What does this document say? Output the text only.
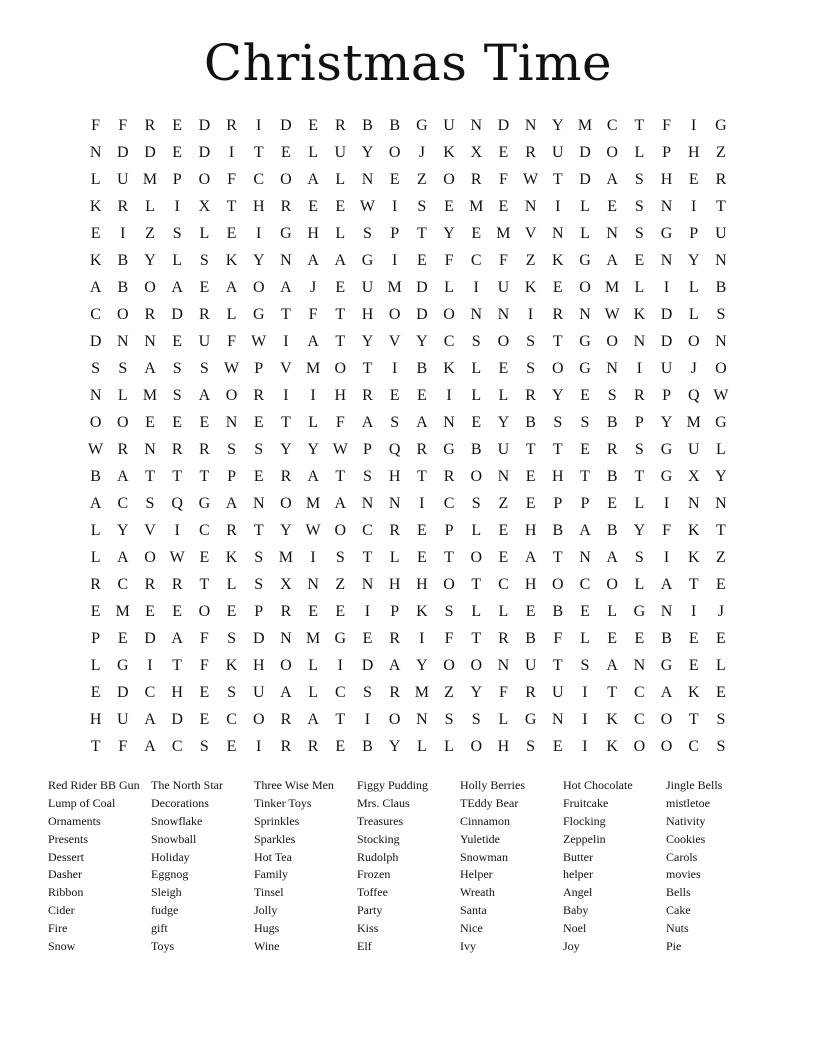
Christmas Time
F	F	R	E	D	R	I	D	E	R	B	B	G U N D N Y M C	T	F	I	G
N D D	E	D	I	T	E	L	U Y O	J	K X	E	R	U D O	L	P	H	Z
L	U M P	O	F	C	O A	L	N	E	Z	O	R	F W T	D A	S	H	E	R
K	R	L	I	X	T	H	R	E	E W	I	S	E M E	N	I	L	E	S	N	I	T
E	I	Z	S	L	E	I	G H	L	S	P	T	Y	E M V N	L	N	S	G	P	U
K	B	Y	L	S	K Y N A A G	I	E	F	C	F	Z	K G A	E	N Y N
A	B	O A	E	A O A	J	E	U M D	L	I	U K	E	O M L	I	L	B
C	O	R	D	R	L	G	T	F	T	H O D O N N	I	R	N W K D	L	S
D N N	E	U	F W	I	A	T	Y V Y	C	S	O	S	T	G O N D O N
S	S	A	S	S W P	V M O	T	I	B	K	L	E	S	O G N	I	U	J	O
N	L M S	A O	R	I	I	H	R	E	E	I	L	L	R	Y	E	S	R	P	Q W
O O	E	E	E	N	E	T	L	F	A	S	A N	E	Y	B	S	S	B	P	Y M G
W R	N	R	R	S	S	Y Y W P	Q	R	G	B	U	T	T	E	R	S	G U	L
B	A	T	T	T	P	E	R	A	T	S	H	T	R	O N	E	H	T	B	T	G X Y
A	C	S	Q G A N O M A N N	I	C	S	Z	E	P	P	E	L	I	N N
L	Y V	I	C	R	T	Y W O	C	R	E	P	L	E	H	B	A	B	Y	F	K	T
L	A O W E	K	S M	I	S	T	L	E	T	O	E	A	T	N A	S	I	K	Z
R	C	R	R	T	L	S	X N	Z	N H H O	T	C	H O	C	O	L	A	T	E
E M E	E	O	E	P	R	E	E	I	P	K	S	L	L	E	B	E	L	G N	I	J
P	E	D A	F	S	D N M G	E	R	I	F	T	R	B	F	L	E	E	B	E	E
L	G	I	T	F	K H O	L	I	D A Y O O N U	T	S	A N G	E	L
E	D	C	H	E	S	U A	L	C	S	R M Z	Y	F	R	U	I	T	C	A K	E
H U A D	E	C	O	R	A	T	I	O N	S	S	L	G N	I	K	C	O	T	S
T	F	A	C	S	E	I	R	R	E	B	Y	L	L	O H	S	E	I	K O O	C	S
Red Rider BB Gun
Lump of Coal
Ornaments
Presents
Dessert
Dasher
Ribbon
Cider
Fire
Snow
The North Star
Decorations
Snowflake
Snowball
Holiday
Eggnog
Sleigh
fudge
gift
Toys
Three Wise Men
Tinker Toys
Sprinkles
Sparkles
Hot Tea
Family
Tinsel
Jolly
Hugs
Wine
Figgy Pudding
Mrs. Claus
Treasures
Stocking
Rudolph
Frozen
Toffee
Party
Kiss
Elf
Holly Berries
TEddy Bear
Cinnamon
Yuletide
Snowman
Helper
Wreath
Santa
Nice
Ivy
Hot Chocolate
Fruitcake
Flocking
Zeppelin
Butter
helper
Angel
Baby
Noel
Joy
Jingle Bells
mistletoe
Nativity
Cookies
Carols
movies
Bells
Cake
Nuts
Pie
